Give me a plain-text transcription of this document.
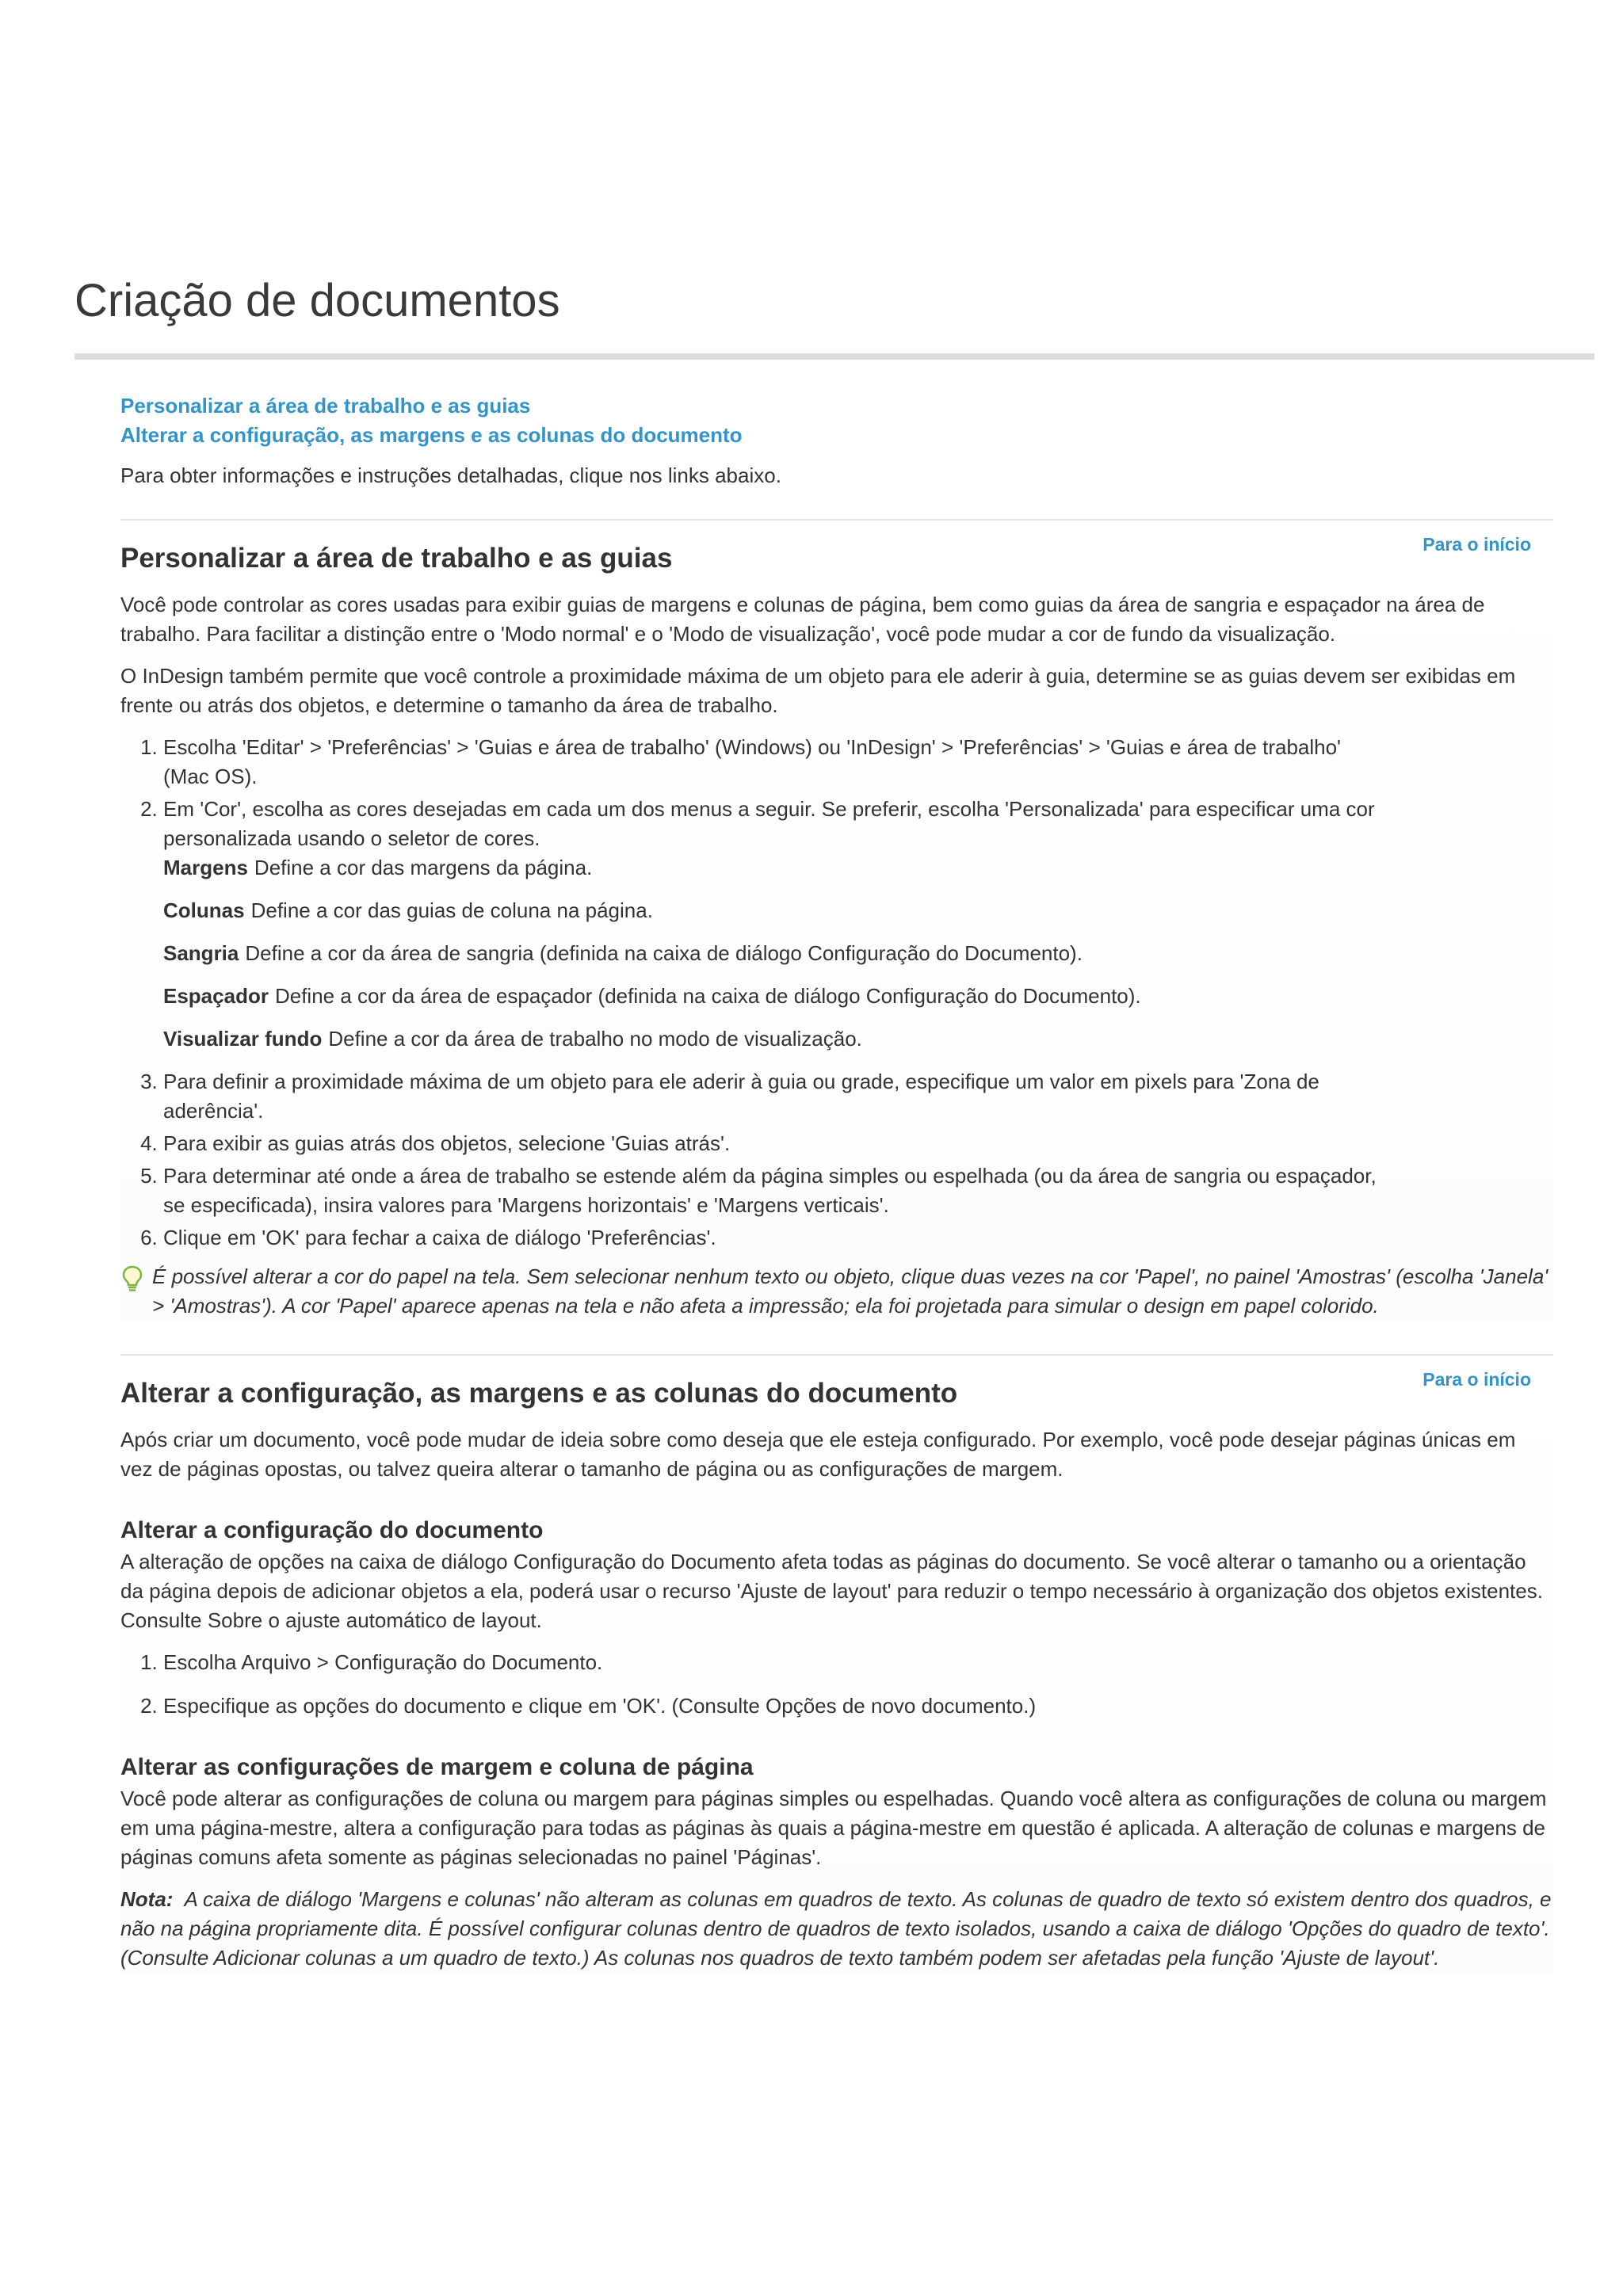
Criação de documentos
Personalizar a área de trabalho e as guias
Alterar a configuração, as margens e as colunas do documento

Para obter informações e instruções detalhadas, clique nos links abaixo.

Para o início
Personalizar a área de trabalho e as guias

Você pode controlar as cores usadas para exibir guias de margens e colunas de página, bem como guias da área de sangria e espaçador na área de trabalho. Para facilitar a distinção entre o 'Modo normal' e o 'Modo de visualização', você pode mudar a cor de fundo da visualização.

O InDesign também permite que você controle a proximidade máxima de um objeto para ele aderir à guia, determine se as guias devem ser exibidas em frente ou atrás dos objetos, e determine o tamanho da área de trabalho.

1. Escolha 'Editar' > 'Preferências' > 'Guias e área de trabalho' (Windows) ou 'InDesign' > 'Preferências' > 'Guias e área de trabalho' (Mac OS).
2. Em 'Cor', escolha as cores desejadas em cada um dos menus a seguir. Se preferir, escolha 'Personalizada' para especificar uma cor personalizada usando o seletor de cores.
Margens Define a cor das margens da página.
Colunas Define a cor das guias de coluna na página.
Sangria Define a cor da área de sangria (definida na caixa de diálogo Configuração do Documento).
Espaçador Define a cor da área de espaçador (definida na caixa de diálogo Configuração do Documento).
Visualizar fundo Define a cor da área de trabalho no modo de visualização.
3. Para definir a proximidade máxima de um objeto para ele aderir à guia ou grade, especifique um valor em pixels para 'Zona de aderência'.
4. Para exibir as guias atrás dos objetos, selecione 'Guias atrás'.
5. Para determinar até onde a área de trabalho se estende além da página simples ou espelhada (ou da área de sangria ou espaçador, se especificada), insira valores para 'Margens horizontais' e 'Margens verticais'.
6. Clique em 'OK' para fechar a caixa de diálogo 'Preferências'.
É possível alterar a cor do papel na tela. Sem selecionar nenhum texto ou objeto, clique duas vezes na cor 'Papel', no painel 'Amostras' (escolha 'Janela' > 'Amostras'). A cor 'Papel' aparece apenas na tela e não afeta a impressão; ela foi projetada para simular o design em papel colorido.
Para o início
Alterar a configuração, as margens e as colunas do documento

Após criar um documento, você pode mudar de ideia sobre como deseja que ele esteja configurado. Por exemplo, você pode desejar páginas únicas em vez de páginas opostas, ou talvez queira alterar o tamanho de página ou as configurações de margem.

Alterar a configuração do documento

A alteração de opções na caixa de diálogo Configuração do Documento afeta todas as páginas do documento. Se você alterar o tamanho ou a orientação da página depois de adicionar objetos a ela, poderá usar o recurso 'Ajuste de layout' para reduzir o tempo necessário à organização dos objetos existentes. Consulte Sobre o ajuste automático de layout.

1. Escolha Arquivo > Configuração do Documento.
2. Especifique as opções do documento e clique em 'OK'. (Consulte Opções de novo documento.)
Alterar as configurações de margem e coluna de página

Você pode alterar as configurações de coluna ou margem para páginas simples ou espelhadas. Quando você altera as configurações de coluna ou margem em uma página-mestre, altera a configuração para todas as páginas às quais a página-mestre em questão é aplicada. A alteração de colunas e margens de páginas comuns afeta somente as páginas selecionadas no painel 'Páginas'.

Nota: A caixa de diálogo 'Margens e colunas' não alteram as colunas em quadros de texto. As colunas de quadro de texto só existem dentro dos quadros, e não na página propriamente dita. É possível configurar colunas dentro de quadros de texto isolados, usando a caixa de diálogo 'Opções do quadro de texto'. (Consulte Adicionar colunas a um quadro de texto.) As colunas nos quadros de texto também podem ser afetadas pela função 'Ajuste de layout'.
